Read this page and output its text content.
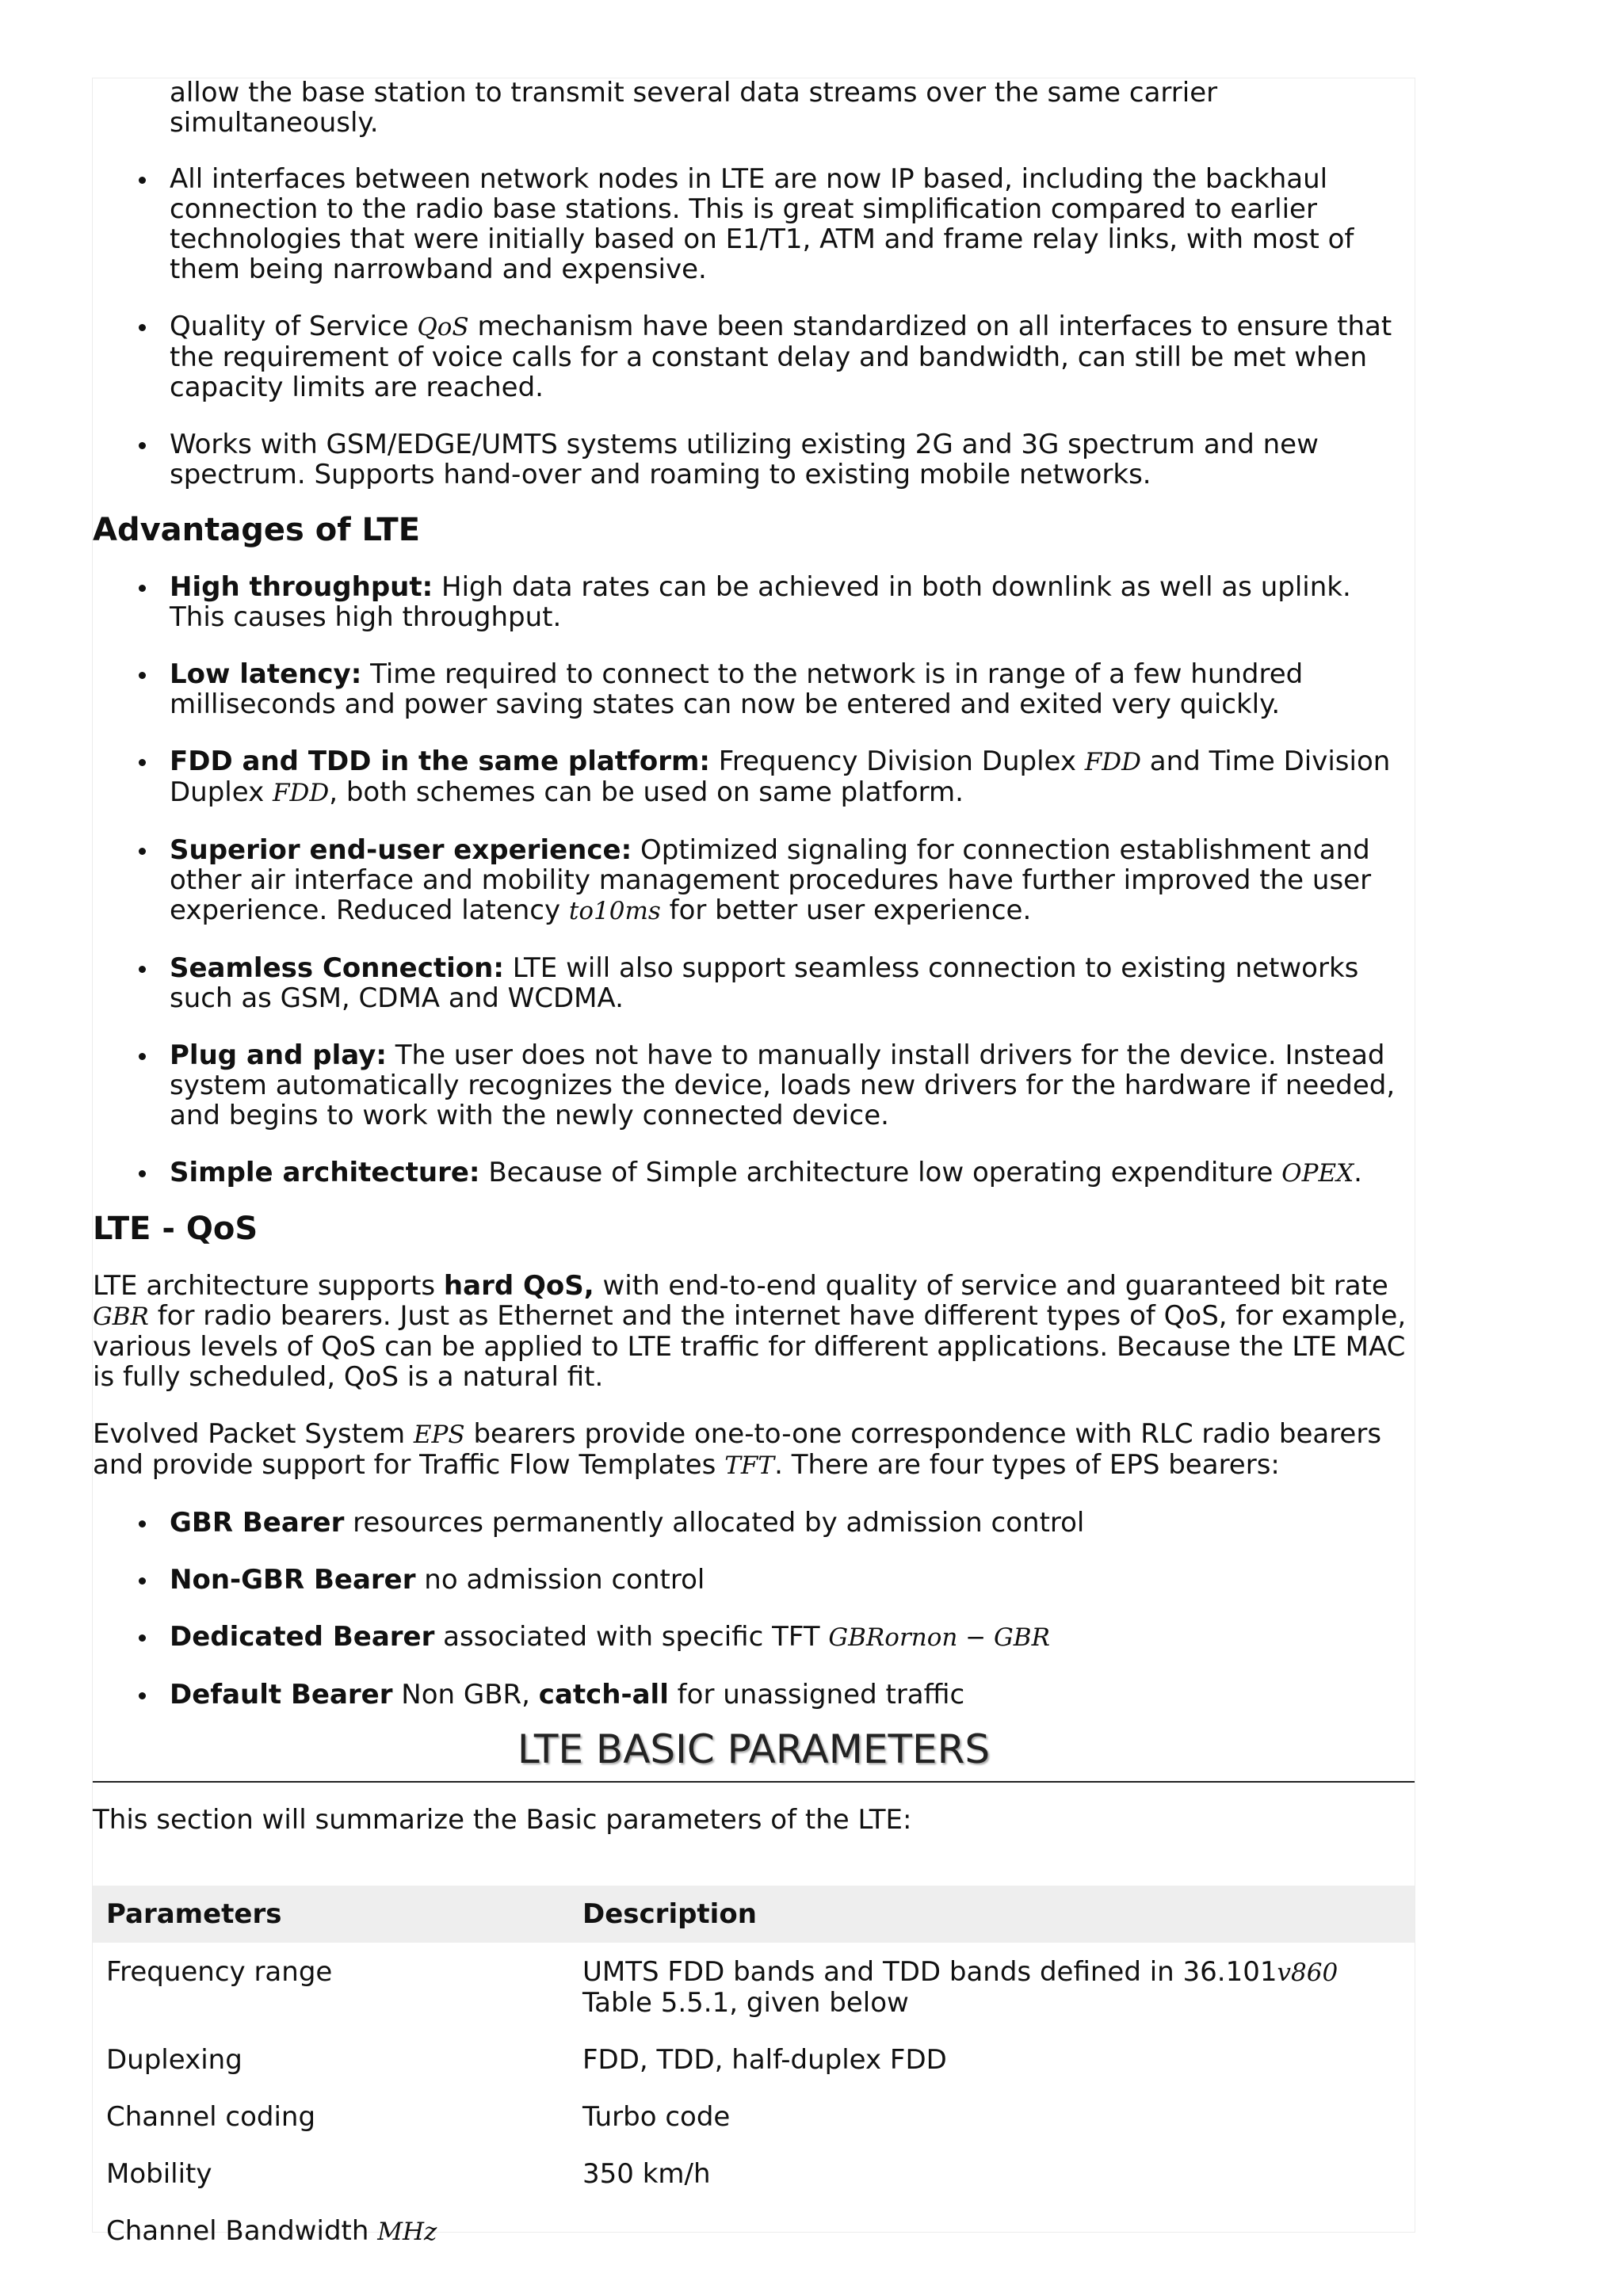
allow the base station to transmit several data streams over the same carrier simultaneously.
All interfaces between network nodes in LTE are now IP based, including the backhaul connection to the radio base stations. This is great simplification compared to earlier technologies that were initially based on E1/T1, ATM and frame relay links, with most of them being narrowband and expensive.
Quality of Service QoS mechanism have been standardized on all interfaces to ensure that the requirement of voice calls for a constant delay and bandwidth, can still be met when capacity limits are reached.
Works with GSM/EDGE/UMTS systems utilizing existing 2G and 3G spectrum and new spectrum. Supports hand-over and roaming to existing mobile networks.
Advantages of LTE
High throughput: High data rates can be achieved in both downlink as well as uplink. This causes high throughput.
Low latency: Time required to connect to the network is in range of a few hundred milliseconds and power saving states can now be entered and exited very quickly.
FDD and TDD in the same platform: Frequency Division Duplex FDD and Time Division Duplex FDD, both schemes can be used on same platform.
Superior end-user experience: Optimized signaling for connection establishment and other air interface and mobility management procedures have further improved the user experience. Reduced latency to10ms for better user experience.
Seamless Connection: LTE will also support seamless connection to existing networks such as GSM, CDMA and WCDMA.
Plug and play: The user does not have to manually install drivers for the device. Instead system automatically recognizes the device, loads new drivers for the hardware if needed, and begins to work with the newly connected device.
Simple architecture: Because of Simple architecture low operating expenditure OPEX.
LTE - QoS

LTE architecture supports hard QoS, with end-to-end quality of service and guaranteed bit rate GBR for radio bearers. Just as Ethernet and the internet have different types of QoS, for example, various levels of QoS can be applied to LTE traffic for different applications. Because the LTE MAC is fully scheduled, QoS is a natural fit.

Evolved Packet System EPS bearers provide one-to-one correspondence with RLC radio bearers and provide support for Traffic Flow Templates TFT. There are four types of EPS bearers:

GBR Bearer resources permanently allocated by admission control
Non-GBR Bearer no admission control
Dedicated Bearer associated with specific TFT GBRornon − GBR
Default Bearer Non GBR, catch-all for unassigned traffic
LTE BASIC PARAMETERS

This section will summarize the Basic parameters of the LTE:

Parameters	Description
Frequency range	UMTS FDD bands and TDD bands defined in 36.101v860 Table 5.5.1, given below
Duplexing	FDD, TDD, half-duplex FDD
Channel coding	Turbo code
Mobility	350 km/h
Channel Bandwidth MHz	
